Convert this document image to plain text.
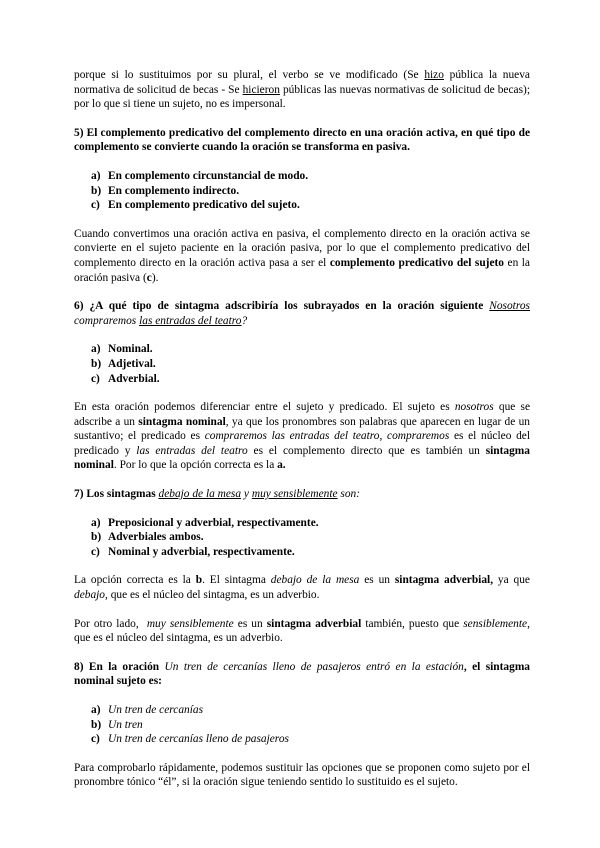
porque si lo sustituimos por su plural, el verbo se ve modificado (Se hizo pública la nueva normativa de solicitud de becas - Se hicieron públicas las nuevas normativas de solicitud de becas); por lo que si tiene un sujeto, no es impersonal.

5) El complemento predicativo del complemento directo en una oración activa, en qué tipo de complemento se convierte cuando la oración se transforma en pasiva.

a) En complemento circunstancial de modo.
b) En complemento indirecto.
c) En complemento predicativo del sujeto.

Cuando convertimos una oración activa en pasiva, el complemento directo en la oración activa se convierte en el sujeto paciente en la oración pasiva, por lo que el complemento predicativo del complemento directo en la oración activa pasa a ser el complemento predicativo del sujeto en la oración pasiva (c).

6) ¿A qué tipo de sintagma adscribiría los subrayados en la oración siguiente Nosotros compraremos las entradas del teatro?

a) Nominal.
b) Adjetival.
c) Adverbial.

En esta oración podemos diferenciar entre el sujeto y predicado. El sujeto es nosotros que se adscribe a un sintagma nominal, ya que los pronombres son palabras que aparecen en lugar de un sustantivo; el predicado es compraremos las entradas del teatro, compraremos es el núcleo del predicado y las entradas del teatro es el complemento directo que es también un sintagma nominal. Por lo que la opción correcta es la a.

7) Los sintagmas debajo de la mesa y muy sensiblemente son:

a) Preposicional y adverbial, respectivamente.
b) Adverbiales ambos.
c) Nominal y adverbial, respectivamente.

La opción correcta es la b. El sintagma debajo de la mesa es un sintagma adverbial, ya que debajo, que es el núcleo del sintagma, es un adverbio.

Por otro lado,  muy sensiblemente es un sintagma adverbial también, puesto que sensiblemente, que es el núcleo del sintagma, es un adverbio.

8) En la oración Un tren de cercanías lleno de pasajeros entró en la estación, el sintagma nominal sujeto es:

a) Un tren de cercanías
b) Un tren
c) Un tren de cercanías lleno de pasajeros

Para comprobarlo rápidamente, podemos sustituir las opciones que se proponen como sujeto por el pronombre tónico “él”, si la oración sigue teniendo sentido lo sustituido es el sujeto.
